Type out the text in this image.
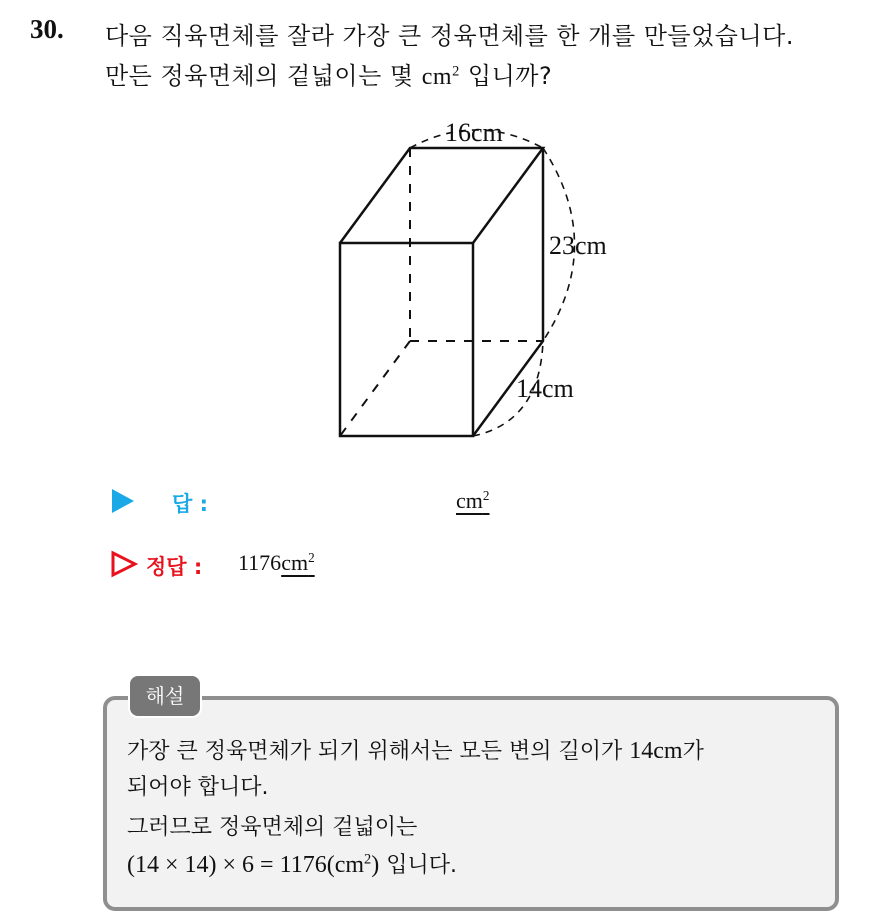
30. 다음 직육면체를 잘라 가장 큰 정육면체를 한 개를 만들었습니다.
만든 정육면체의 겉넓이는 몇 $cm^2$ 입니까?
16cm
23cm
14cm
답 :	$cm^2$
정답 : $1176cm^2$
해설
가장 큰 정육면체가 되기 위해서는 모든 변의 길이가 14cm가
되어야 합니다.
그러므로 정육면체의 겉넓이는
$(14 \times 14) \times 6 = 1176(cm^2)$ 입니다.
